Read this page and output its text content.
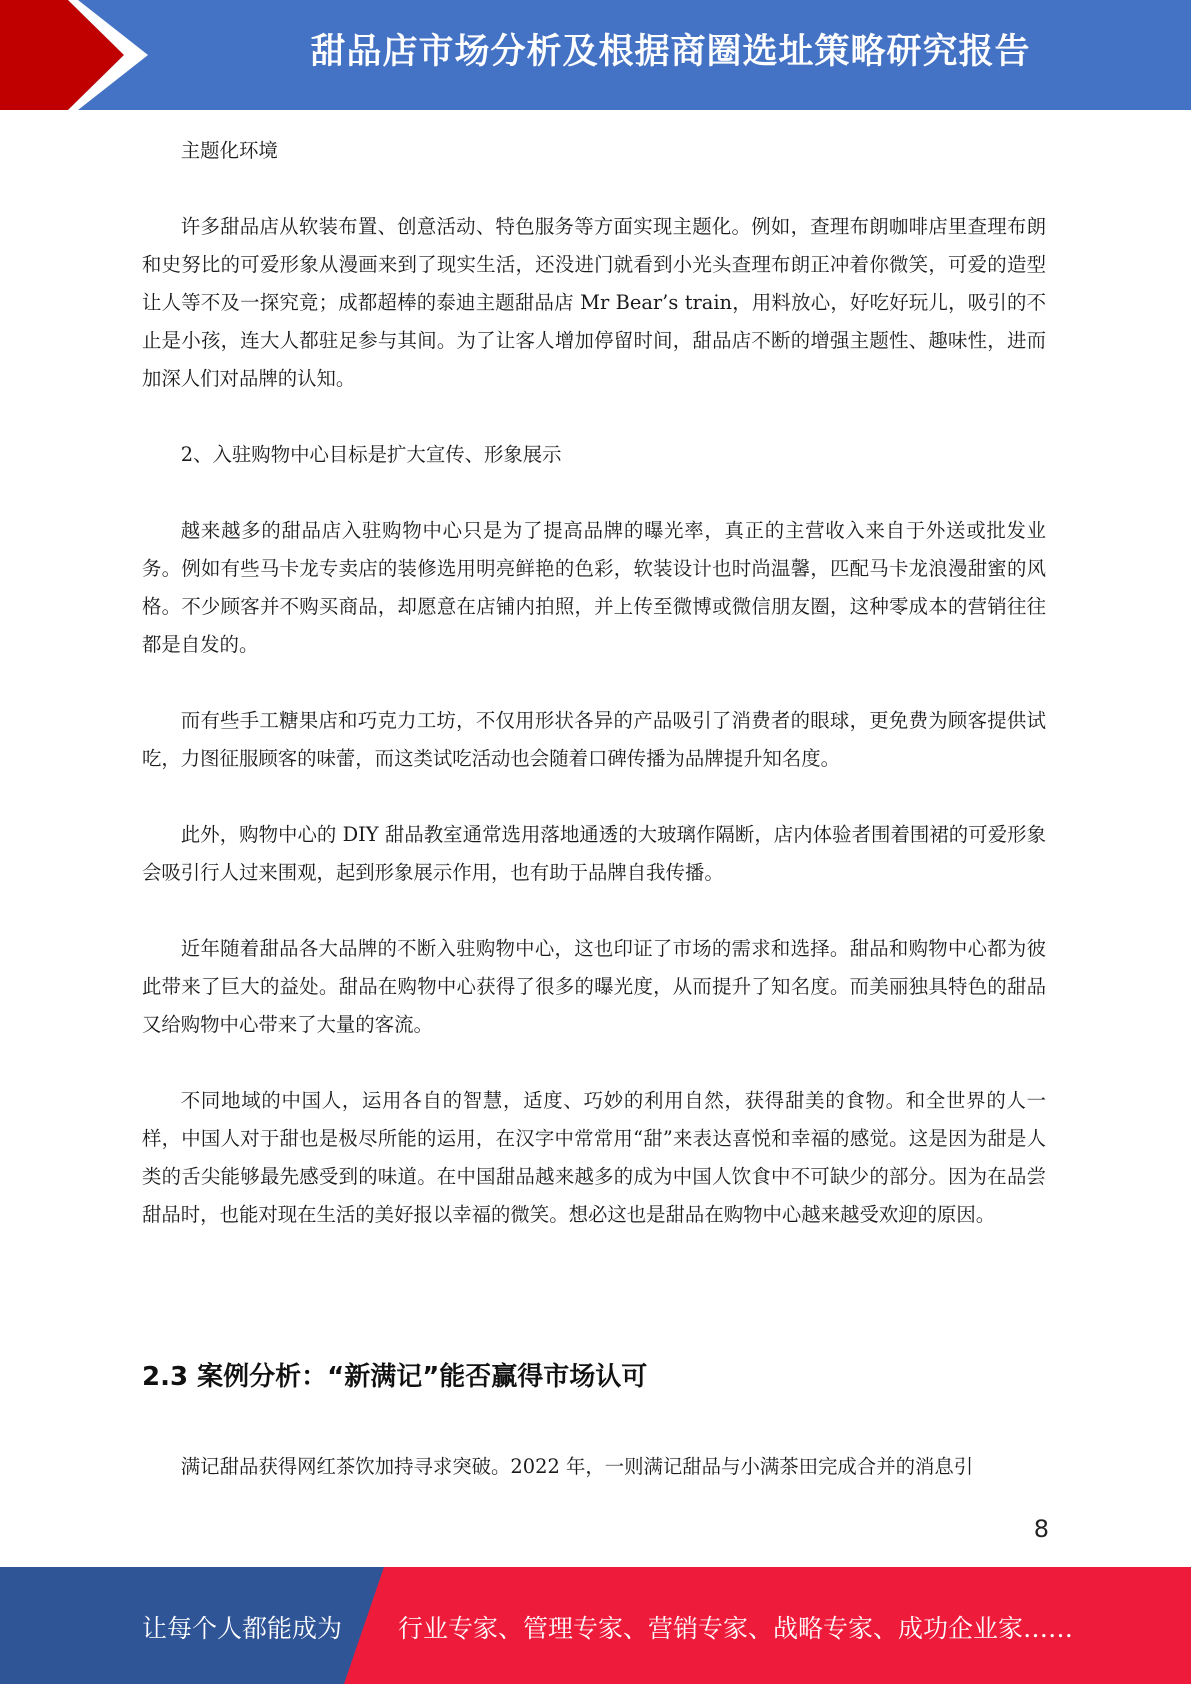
甜品店市场分析及根据商圈选址策略研究报告

主题化环境

许多甜品店从软装布置、创意活动、特色服务等方面实现主题化。例如，查理布朗咖啡店里查理布朗和史努比的可爱形象从漫画来到了现实生活，还没进门就看到小光头查理布朗正冲着你微笑，可爱的造型让人等不及一探究竟；成都超棒的泰迪主题甜品店 Mr Bear’s train，用料放心，好吃好玩儿，吸引的不止是小孩，连大人都驻足参与其间。为了让客人增加停留时间，甜品店不断的增强主题性、趣味性，进而加深人们对品牌的认知。

2、入驻购物中心目标是扩大宣传、形象展示

越来越多的甜品店入驻购物中心只是为了提高品牌的曝光率，真正的主营收入来自于外送或批发业务。例如有些马卡龙专卖店的装修选用明亮鲜艳的色彩，软装设计也时尚温馨，匹配马卡龙浪漫甜蜜的风格。不少顾客并不购买商品，却愿意在店铺内拍照，并上传至微博或微信朋友圈，这种零成本的营销往往都是自发的。

而有些手工糖果店和巧克力工坊，不仅用形状各异的产品吸引了消费者的眼球，更免费为顾客提供试吃，力图征服顾客的味蕾，而这类试吃活动也会随着口碑传播为品牌提升知名度。

此外，购物中心的 DIY 甜品教室通常选用落地通透的大玻璃作隔断，店内体验者围着围裙的可爱形象会吸引行人过来围观，起到形象展示作用，也有助于品牌自我传播。

近年随着甜品各大品牌的不断入驻购物中心，这也印证了市场的需求和选择。甜品和购物中心都为彼此带来了巨大的益处。甜品在购物中心获得了很多的曝光度，从而提升了知名度。而美丽独具特色的甜品又给购物中心带来了大量的客流。

不同地域的中国人，运用各自的智慧，适度、巧妙的利用自然，获得甜美的食物。和全世界的人一样，中国人对于甜也是极尽所能的运用，在汉字中常常用“甜”来表达喜悦和幸福的感觉。这是因为甜是人类的舌尖能够最先感受到的味道。在中国甜品越来越多的成为中国人饮食中不可缺少的部分。因为在品尝甜品时，也能对现在生活的美好报以幸福的微笑。想必这也是甜品在购物中心越来越受欢迎的原因。

2.3 案例分析：“新满记”能否赢得市场认可

满记甜品获得网红茶饮加持寻求突破。2022 年，一则满记甜品与小满茶田完成合并的消息引

8
让每个人都能成为 行业专家、管理专家、营销专家、战略专家、成功企业家……
